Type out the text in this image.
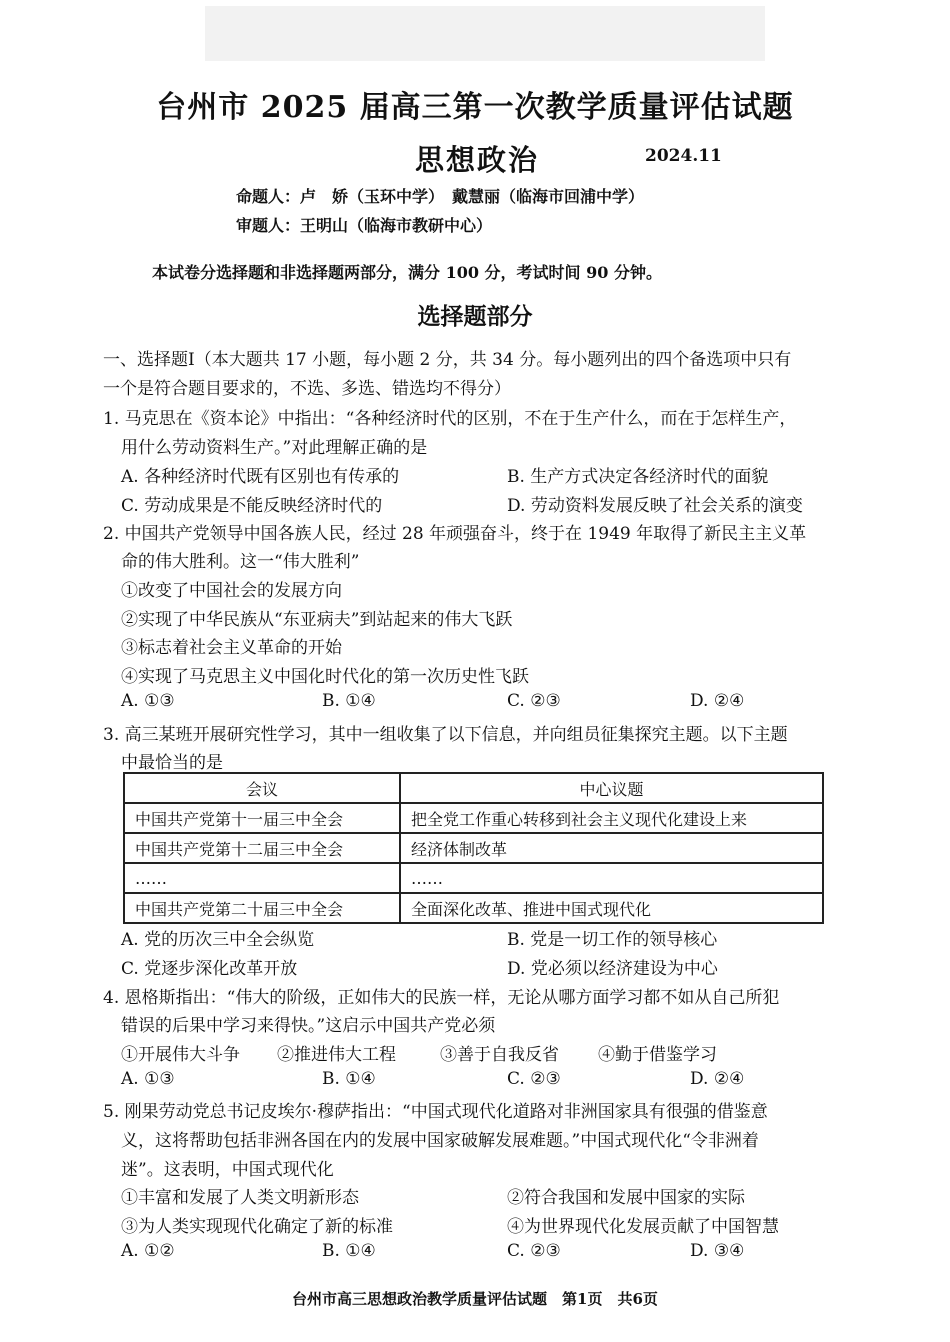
台州市 2025 届高三第一次教学质量评估试题
思想政治	2024.11
命题人：卢　娇（玉环中学）　戴慧丽（临海市回浦中学）
审题人：王明山（临海市教研中心）
本试卷分选择题和非选择题两部分，满分 100 分，考试时间 90 分钟。
选择题部分
一、选择题Ⅰ（本大题共 17 小题，每小题 2 分，共 34 分。每小题列出的四个备选项中只有
一个是符合题目要求的，不选、多选、错选均不得分）
1. 马克思在《资本论》中指出：“各种经济时代的区别，不在于生产什么，而在于怎样生产，
用什么劳动资料生产。”对此理解正确的是
A. 各种经济时代既有区别也有传承的	B. 生产方式决定各经济时代的面貌
C. 劳动成果是不能反映经济时代的	D. 劳动资料发展反映了社会关系的演变
2. 中国共产党领导中国各族人民，经过 28 年顽强奋斗，终于在 1949 年取得了新民主主义革
命的伟大胜利。这一“伟大胜利”
①改变了中国社会的发展方向
②实现了中华民族从“东亚病夫”到站起来的伟大飞跃
③标志着社会主义革命的开始
④实现了马克思主义中国化时代化的第一次历史性飞跃
A. ①③	B. ①④	C. ②③	D. ②④
3. 高三某班开展研究性学习，其中一组收集了以下信息，并向组员征集探究主题。以下主题
中最恰当的是
会议	中心议题
中国共产党第十一届三中全会	把全党工作重心转移到社会主义现代化建设上来
中国共产党第十二届三中全会	经济体制改革
……	……
中国共产党第二十届三中全会	全面深化改革、推进中国式现代化
A. 党的历次三中全会纵览	B. 党是一切工作的领导核心
C. 党逐步深化改革开放	D. 党必须以经济建设为中心
4. 恩格斯指出：“伟大的阶级，正如伟大的民族一样，无论从哪方面学习都不如从自己所犯
错误的后果中学习来得快。”这启示中国共产党必须
①开展伟大斗争 ②推进伟大工程	③善于自我反省 ④勤于借鉴学习
A. ①③	B. ①④	C. ②③	D. ②④
5. 刚果劳动党总书记皮埃尔·穆萨指出：“中国式现代化道路对非洲国家具有很强的借鉴意
义，这将帮助包括非洲各国在内的发展中国家破解发展难题。”中国式现代化“令非洲着
迷”。这表明，中国式现代化
①丰富和发展了人类文明新形态	②符合我国和发展中国家的实际
③为人类实现现代化确定了新的标准	④为世界现代化发展贡献了中国智慧
A. ①②	B. ①④	C. ②③	D. ③④
台州市高三思想政治教学质量评估试题　第1页　共6页
